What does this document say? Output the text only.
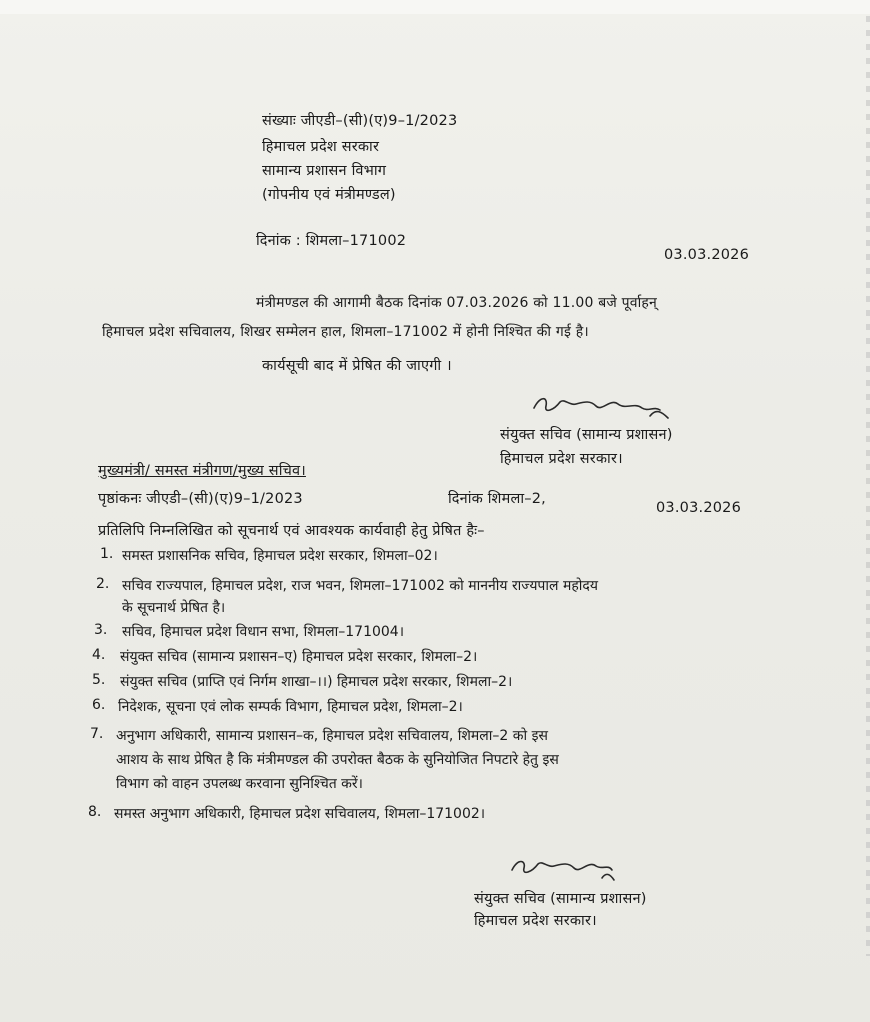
संख्याः जीएडी–(सी)(ए)9–1/2023
हिमाचल प्रदेश सरकार
सामान्य प्रशासन विभाग
(गोपनीय एवं मंत्रीमण्डल)
दिनांक : शिमला–171002
03.03.2026
मंत्रीमण्डल की आगामी बैठक दिनांक 07.03.2026 को 11.00 बजे पूर्वाहन्
हिमाचल प्रदेश सचिवालय, शिखर सम्मेलन हाल, शिमला–171002 में होनी निश्चित की गई है।
कार्यसूची बाद में प्रेषित की जाएगी ।
संयुक्त सचिव (सामान्य प्रशासन)
हिमाचल प्रदेश सरकार।
मुख्यमंत्री/ समस्त मंत्रीगण/मुख्य सचिव।
पृष्ठांकनः जीएडी–(सी)(ए)9–1/2023	दिनांक शिमला–2,
03.03.2026
प्रतिलिपि निम्नलिखित को सूचनार्थ एवं आवश्यक कार्यवाही हेतु प्रेषित हैः–
1. समस्त प्रशासनिक सचिव, हिमाचल प्रदेश सरकार, शिमला–02।
2. सचिव राज्यपाल, हिमाचल प्रदेश, राज भवन, शिमला–171002 को माननीय राज्यपाल महोदय
के सूचनार्थ प्रेषित है।
3. सचिव, हिमाचल प्रदेश विधान सभा, शिमला–171004।
4. संयुक्त सचिव (सामान्य प्रशासन–ए) हिमाचल प्रदेश सरकार, शिमला–2।
5. संयुक्त सचिव (प्राप्ति एवं निर्गम शाखा–।।) हिमाचल प्रदेश सरकार, शिमला–2।
6. निदेशक, सूचना एवं लोक सम्पर्क विभाग, हिमाचल प्रदेश, शिमला–2।
7. अनुभाग अधिकारी, सामान्य प्रशासन–क, हिमाचल प्रदेश सचिवालय, शिमला–2 को इस
आशय के साथ प्रेषित है कि मंत्रीमण्डल की उपरोक्त बैठक के सुनियोजित निपटारे हेतु इस
विभाग को वाहन उपलब्ध करवाना सुनिश्चित करें।
8. समस्त अनुभाग अधिकारी, हिमाचल प्रदेश सचिवालय, शिमला–171002।
संयुक्त सचिव (सामान्य प्रशासन)
हिमाचल प्रदेश सरकार।
